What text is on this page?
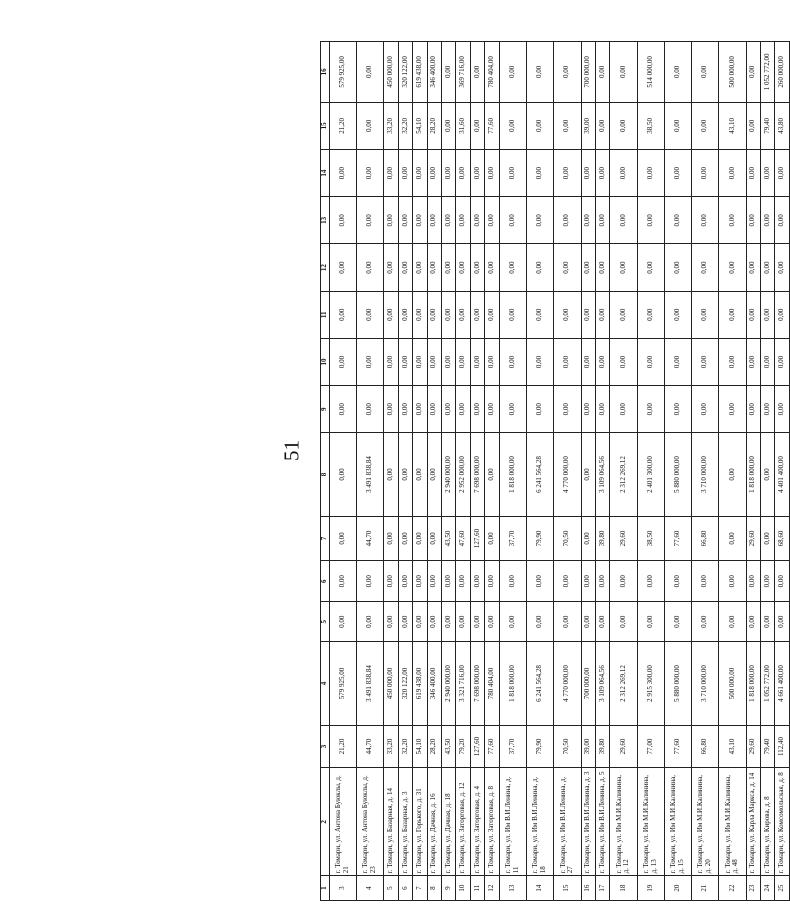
51
1	2	3	4	5	6	7	8	9	10	11	12	13	14	15	16
3	г. Томари, ул. Антона Буюклы, д. 21	21,20	579 925,00	0,00	0,00	0,00	0,00	0,00	0,00	0,00	0,00	0,00	0,00	21,20	579 925,00
4	г. Томари, ул. Антона Буюклы, д. 23	44,70	3 491 838,84	0,00	0,00	44,70	3 491 838,84	0,00	0,00	0,00	0,00	0,00	0,00	0,00	0,00
5	г. Томари, ул. Базарная, д. 14	33,20	450 000,00	0,00	0,00	0,00	0,00	0,00	0,00	0,00	0,00	0,00	0,00	33,20	450 000,00
6	г. Томари, ул. Базарная, д. 3	32,20	320 122,00	0,00	0,00	0,00	0,00	0,00	0,00	0,00	0,00	0,00	0,00	32,20	320 122,00
7	г. Томари, ул. Горького, д. 31	54,10	619 438,00	0,00	0,00	0,00	0,00	0,00	0,00	0,00	0,00	0,00	0,00	54,10	619 438,00
8	г. Томари, ул. Дачная, д. 16	28,20	346 400,00	0,00	0,00	0,00	0,00	0,00	0,00	0,00	0,00	0,00	0,00	28,20	346 400,00
9	г. Томари, ул. Дачная, д. 18	43,50	2 940 000,00	0,00	0,00	43,50	2 940 000,00	0,00	0,00	0,00	0,00	0,00	0,00	0,00	0,00
10	г. Томари, ул. Заторговая, д. 12	79,20	3 321 716,00	0,00	0,00	47,60	2 952 000,00	0,00	0,00	0,00	0,00	0,00	0,00	31,60	369 716,00
11	г. Томари, ул. Заторговая, д. 4	127,60	7 698 000,00	0,00	0,00	127,60	7 698 000,00	0,00	0,00	0,00	0,00	0,00	0,00	0,00	0,00
12	г. Томари, ул. Заторговая, д. 8	77,60	780 404,00	0,00	0,00	0,00	0,00	0,00	0,00	0,00	0,00	0,00	0,00	77,60	780 404,00
13	г. Томари, ул. Им В.И.Ленина, д. 11	37,70	1 818 000,00	0,00	0,00	37,70	1 818 000,00	0,00	0,00	0,00	0,00	0,00	0,00	0,00	0,00
14	г. Томари, ул. Им В.И.Ленина, д. 18	79,90	6 241 564,28	0,00	0,00	79,90	6 241 564,28	0,00	0,00	0,00	0,00	0,00	0,00	0,00	0,00
15	г. Томари, ул. Им В.И.Ленина, д. 27	70,50	4 770 000,00	0,00	0,00	70,50	4 770 000,00	0,00	0,00	0,00	0,00	0,00	0,00	0,00	0,00
16	г. Томари, ул. Им В.И.Ленина, д. 3	39,00	700 000,00	0,00	0,00	0,00	0,00	0,00	0,00	0,00	0,00	0,00	0,00	39,00	700 000,00
17	г. Томари, ул. Им В.И.Ленина, д. 5	39,80	3 109 064,56	0,00	0,00	39,80	3 109 064,56	0,00	0,00	0,00	0,00	0,00	0,00	0,00	0,00
18	г. Томари, ул. Им М.И.Калинина, д. 12	29,60	2 312 269,12	0,00	0,00	29,60	2 312 269,12	0,00	0,00	0,00	0,00	0,00	0,00	0,00	0,00
19	г. Томари, ул. Им М.И.Калинина, д. 13	77,00	2 915 300,00	0,00	0,00	38,50	2 401 300,00	0,00	0,00	0,00	0,00	0,00	0,00	38,50	514 000,00
20	г. Томари, ул. Им М.И.Калинина, д. 15	77,60	5 880 000,00	0,00	0,00	77,60	5 880 000,00	0,00	0,00	0,00	0,00	0,00	0,00	0,00	0,00
21	г. Томари, ул. Им М.И.Калинина, д. 20	66,80	3 710 000,00	0,00	0,00	66,80	3 710 000,00	0,00	0,00	0,00	0,00	0,00	0,00	0,00	0,00
22	г. Томари, ул. Им М.И.Калинина, д. 48	43,10	500 000,00	0,00	0,00	0,00	0,00	0,00	0,00	0,00	0,00	0,00	0,00	43,10	500 000,00
23	г. Томари, ул. Карла Маркса, д. 14	29,60	1 818 000,00	0,00	0,00	29,60	1 818 000,00	0,00	0,00	0,00	0,00	0,00	0,00	0,00	0,00
24	г. Томари, ул. Кирова, д. 8	79,40	1 052 772,00	0,00	0,00	0,00	0,00	0,00	0,00	0,00	0,00	0,00	0,00	79,40	1 052 772,00
25	г. Томари, ул. Комсомольская, д. 8	112,40	4 661 400,00	0,00	0,00	68,60	4 401 400,00	0,00	0,00	0,00	0,00	0,00	0,00	43,80	260 000,00
